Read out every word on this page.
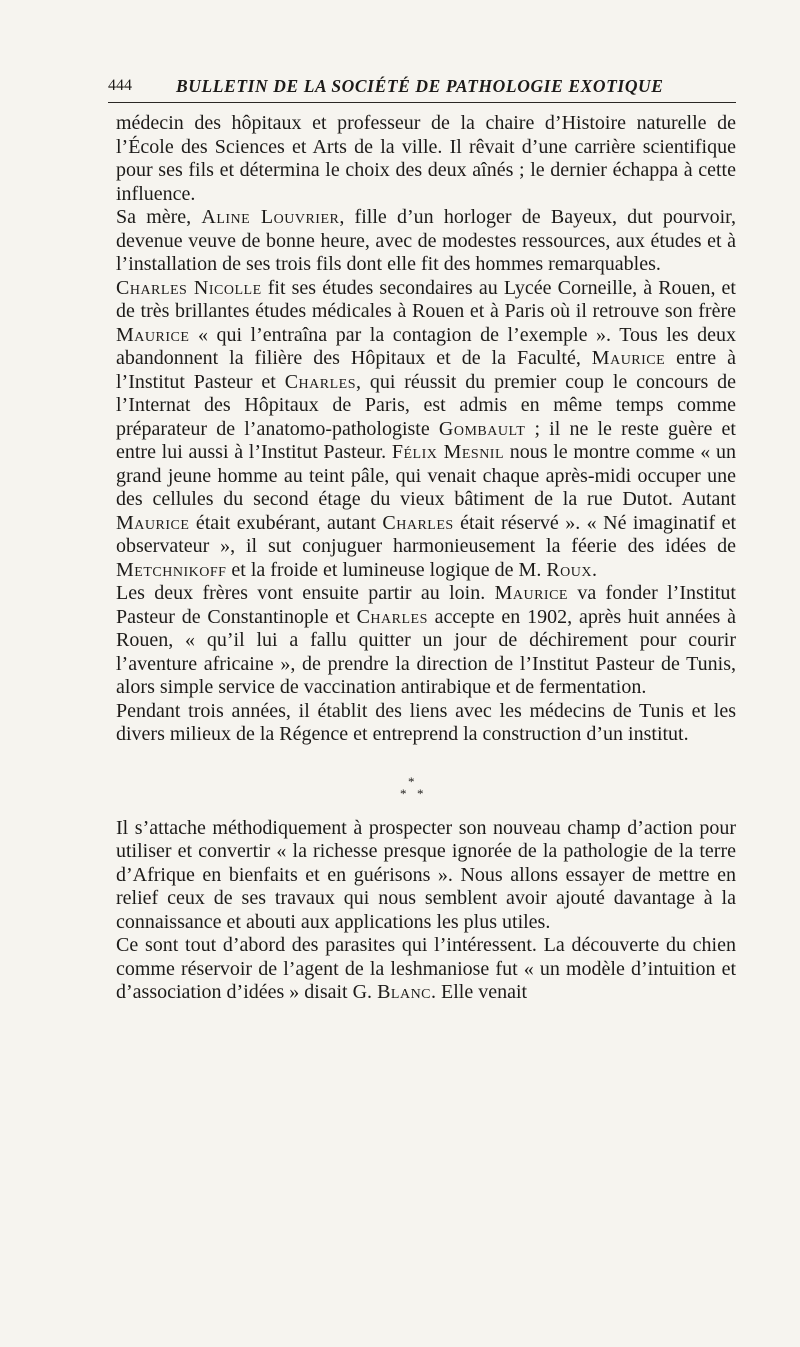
444	BULLETIN DE LA SOCIÉTÉ DE PATHOLOGIE EXOTIQUE

médecin des hôpitaux et professeur de la chaire d’Histoire naturelle de l’École des Sciences et Arts de la ville. Il rêvait d’une carrière scientifique pour ses fils et détermina le choix des deux aînés ; le dernier échappa à cette influence.

Sa mère, Aline Louvrier, fille d’un horloger de Bayeux, dut pourvoir, devenue veuve de bonne heure, avec de modestes ressources, aux études et à l’installation de ses trois fils dont elle fit des hommes remarquables.

Charles Nicolle fit ses études secondaires au Lycée Corneille, à Rouen, et de très brillantes études médicales à Rouen et à Paris où il retrouve son frère Maurice « qui l’entraîna par la contagion de l’exemple ». Tous les deux abandonnent la filière des Hôpitaux et de la Faculté, Maurice entre à l’Institut Pasteur et Charles, qui réussit du premier coup le concours de l’Internat des Hôpitaux de Paris, est admis en même temps comme préparateur de l’anatomo-pathologiste Gombault ; il ne le reste guère et entre lui aussi à l’Institut Pasteur. Félix Mesnil nous le montre comme « un grand jeune homme au teint pâle, qui venait chaque après-midi occuper une des cellules du second étage du vieux bâtiment de la rue Dutot. Autant Maurice était exubérant, autant Charles était réservé ». « Né imaginatif et observateur », il sut conjuguer harmonieusement la féerie des idées de Metchnikoff et la froide et lumineuse logique de M. Roux.

Les deux frères vont ensuite partir au loin. Maurice va fonder l’Institut Pasteur de Constantinople et Charles accepte en 1902, après huit années à Rouen, « qu’il lui a fallu quitter un jour de déchirement pour courir l’aventure africaine », de prendre la direction de l’Institut Pasteur de Tunis, alors simple service de vaccination antirabique et de fermentation.

Pendant trois années, il établit des liens avec les médecins de Tunis et les divers milieux de la Régence et entreprend la construction d’un institut.

*
* *

Il s’attache méthodiquement à prospecter son nouveau champ d’action pour utiliser et convertir « la richesse presque ignorée de la pathologie de la terre d’Afrique en bienfaits et en guérisons ». Nous allons essayer de mettre en relief ceux de ses travaux qui nous semblent avoir ajouté davantage à la connaissance et abouti aux applications les plus utiles.

Ce sont tout d’abord des parasites qui l’intéressent. La découverte du chien comme réservoir de l’agent de la leshmaniose fut « un modèle d’intuition et d’association d’idées » disait G. Blanc. Elle venait
